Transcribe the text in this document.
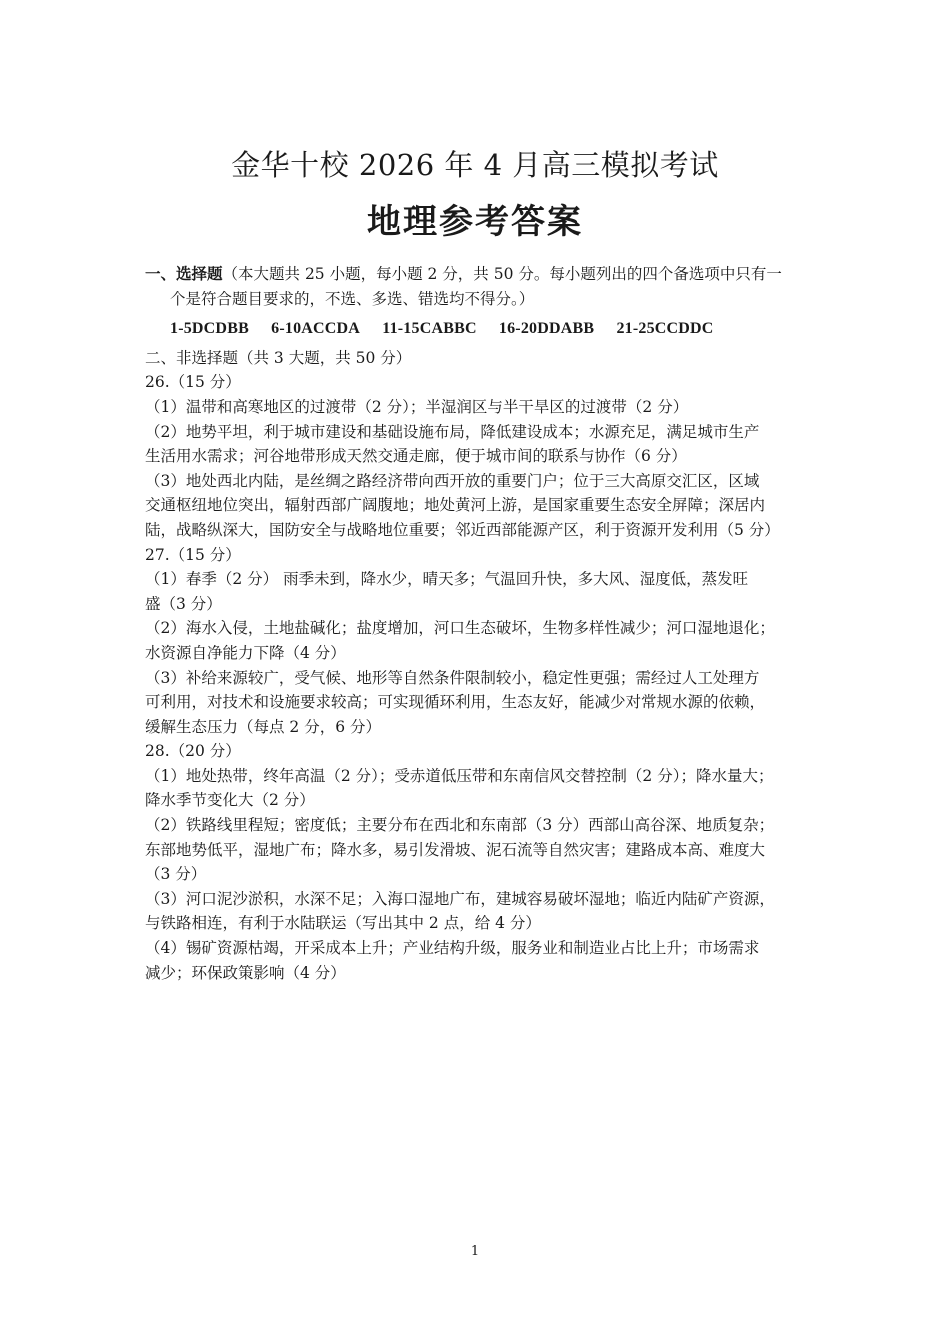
金华十校 2026 年 4 月高三模拟考试
地理参考答案
一、选择题（本大题共 25 小题，每小题 2 分，共 50 分。每小题列出的四个备选项中只有一
个是符合题目要求的，不选、多选、错选均不得分。）
1-5DCDBB 6-10ACCDA 11-15CABBC 16-20DDABB 21-25CCDDC
二、非选择题（共 3 大题，共 50 分）
26.（15 分）
（1）温带和高寒地区的过渡带（2 分）；半湿润区与半干旱区的过渡带（2 分）
（2）地势平坦，利于城市建设和基础设施布局，降低建设成本；水源充足，满足城市生产
生活用水需求；河谷地带形成天然交通走廊，便于城市间的联系与协作（6 分）
（3）地处西北内陆，是丝绸之路经济带向西开放的重要门户；位于三大高原交汇区，区域
交通枢纽地位突出，辐射西部广阔腹地；地处黄河上游，是国家重要生态安全屏障；深居内
陆，战略纵深大，国防安全与战略地位重要；邻近西部能源产区，利于资源开发利用（5 分）
27.（15 分）
（1）春季（2 分） 雨季未到，降水少，晴天多；气温回升快，多大风、湿度低，蒸发旺
盛（3 分）
（2）海水入侵，土地盐碱化；盐度增加，河口生态破坏，生物多样性减少；河口湿地退化；
水资源自净能力下降（4 分）
（3）补给来源较广，受气候、地形等自然条件限制较小，稳定性更强；需经过人工处理方
可利用，对技术和设施要求较高；可实现循环利用，生态友好，能减少对常规水源的依赖，
缓解生态压力（每点 2 分，6 分）
28.（20 分）
（1）地处热带，终年高温（2 分）；受赤道低压带和东南信风交替控制（2 分）；降水量大；
降水季节变化大（2 分）
（2）铁路线里程短；密度低；主要分布在西北和东南部（3 分）西部山高谷深、地质复杂；
东部地势低平，湿地广布；降水多，易引发滑坡、泥石流等自然灾害；建路成本高、难度大
（3 分）
（3）河口泥沙淤积，水深不足；入海口湿地广布，建城容易破坏湿地；临近内陆矿产资源，
与铁路相连，有利于水陆联运（写出其中 2 点，给 4 分）
（4）锡矿资源枯竭，开采成本上升；产业结构升级，服务业和制造业占比上升；市场需求
减少；环保政策影响（4 分）
1
